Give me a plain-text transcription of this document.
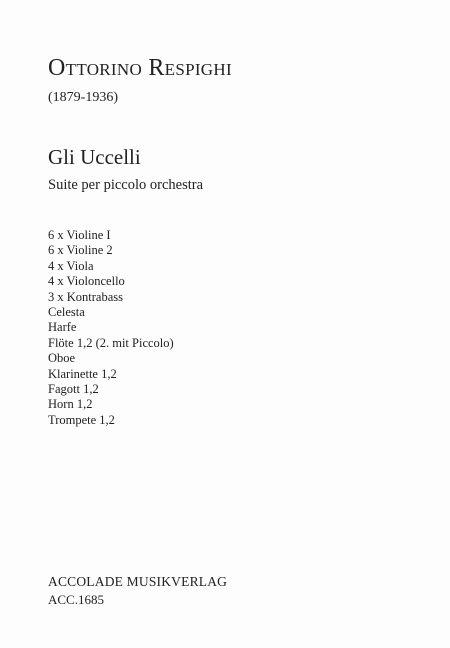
Ottorino Respighi
(1879-1936)
Gli Uccelli
Suite per piccolo orchestra
6 x Violine I
6 x Violine 2
4 x Viola
4 x Violoncello
3 x Kontrabass
Celesta
Harfe
Flöte 1,2 (2. mit Piccolo)
Oboe
Klarinette 1,2
Fagott 1,2
Horn 1,2
Trompete 1,2
ACCOLADE MUSIKVERLAG
ACC.1685
